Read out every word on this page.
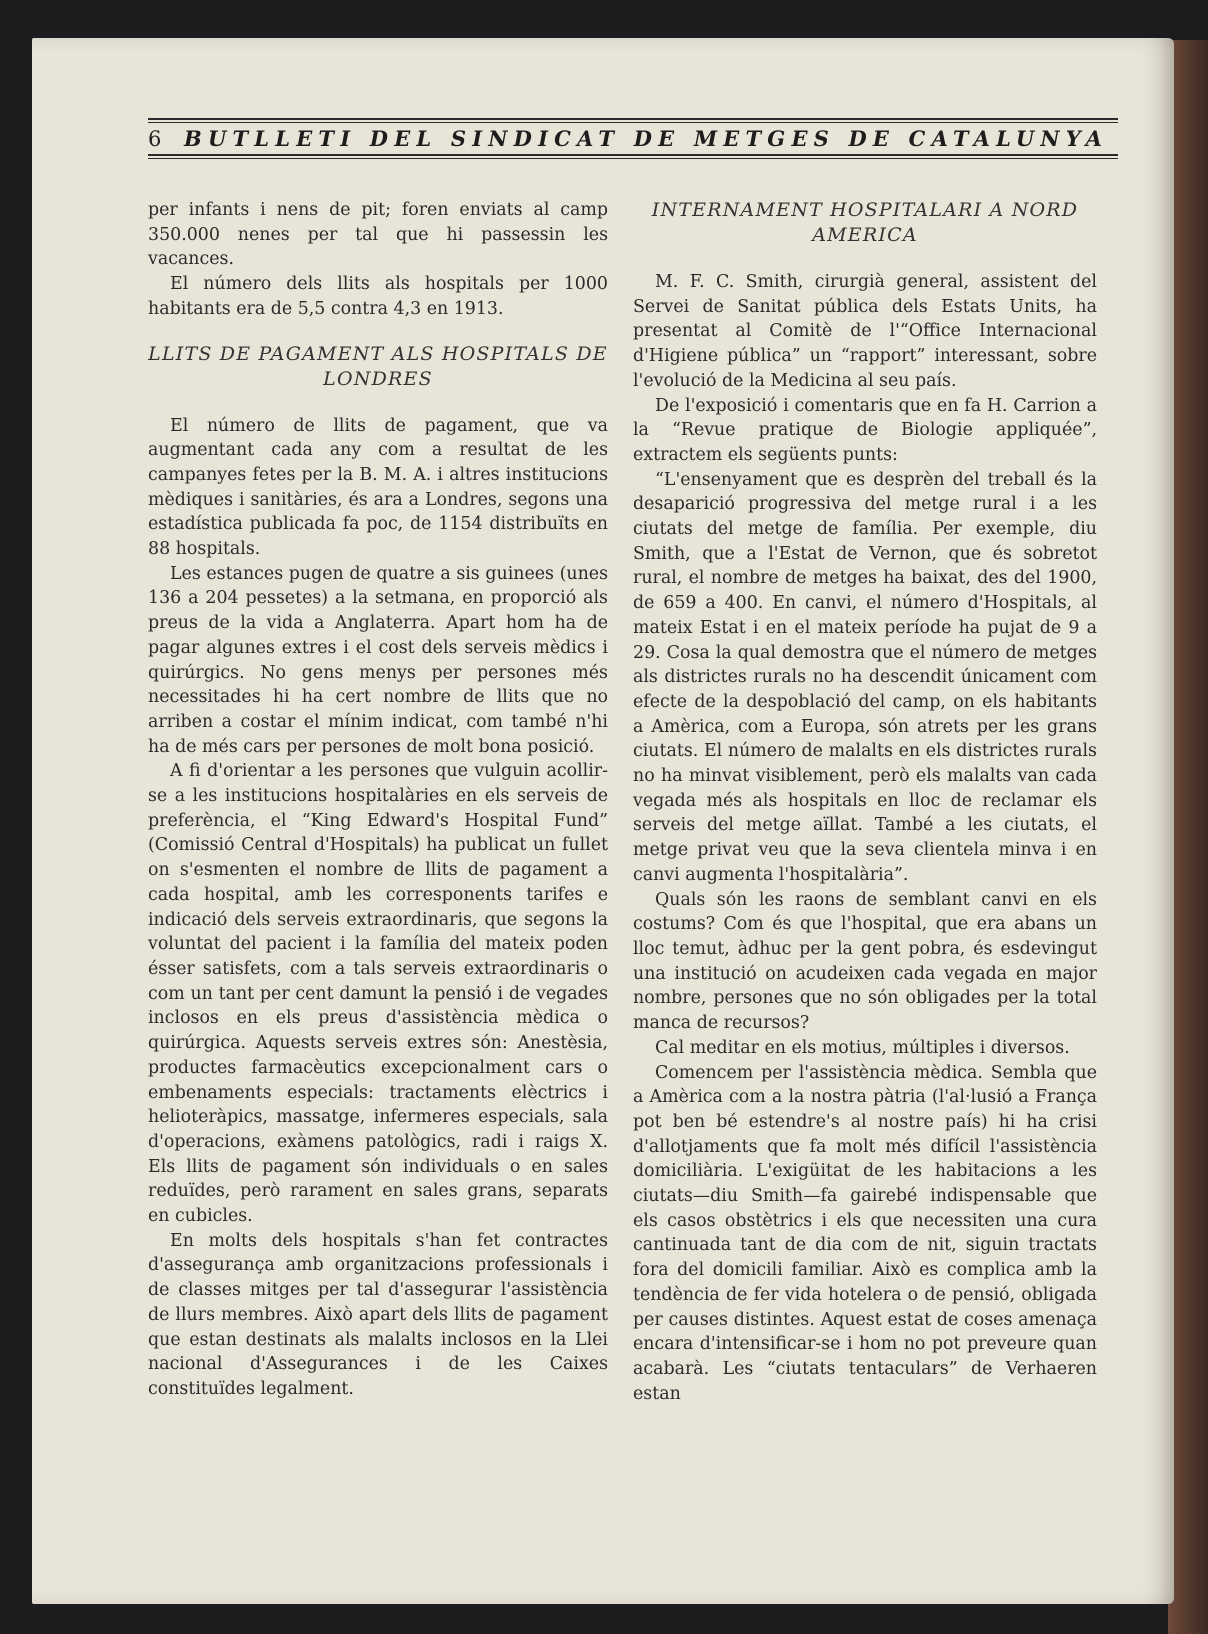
6	BUTLLETI DEL SINDICAT DE METGES DE CATALUNYA

per infants i nens de pit; foren enviats al camp 350.000 nenes per tal que hi passessin les vacances.

El número dels llits als hospitals per 1000 habitants era de 5,5 contra 4,3 en 1913.

LLITS DE PAGAMENT ALS HOSPITALS DE LONDRES

El número de llits de pagament, que va augmentant cada any com a resultat de les campanyes fetes per la B. M. A. i altres institucions mèdiques i sanitàries, és ara a Londres, segons una estadística publicada fa poc, de 1154 distribuïts en 88 hospitals.

Les estances pugen de quatre a sis guinees (unes 136 a 204 pessetes) a la setmana, en proporció als preus de la vida a Anglaterra. Apart hom ha de pagar algunes extres i el cost dels serveis mèdics i quirúrgics. No gens menys per persones més necessitades hi ha cert nombre de llits que no arriben a costar el mínim indicat, com també n'hi ha de més cars per persones de molt bona posició.

A fi d'orientar a les persones que vulguin acollir-se a les institucions hospitalàries en els serveis de preferència, el “King Edward's Hospital Fund” (Comissió Central d'Hospitals) ha publicat un fullet on s'esmenten el nombre de llits de pagament a cada hospital, amb les corresponents tarifes e indicació dels serveis extraordinaris, que segons la voluntat del pacient i la família del mateix poden ésser satisfets, com a tals serveis extraordinaris o com un tant per cent damunt la pensió i de vegades inclosos en els preus d'assistència mèdica o quirúrgica. Aquests serveis extres són: Anestèsia, productes farmacèutics excepcionalment cars o embenaments especials: tractaments elèctrics i helioteràpics, massatge, infermeres especials, sala d'operacions, exàmens patològics, radi i raigs X. Els llits de pagament són individuals o en sales reduïdes, però rarament en sales grans, separats en cubicles.

En molts dels hospitals s'han fet contractes d'assegurança amb organitzacions professionals i de classes mitges per tal d'assegurar l'assistència de llurs membres. Això apart dels llits de pagament que estan destinats als malalts inclosos en la Llei nacional d'Assegurances i de les Caixes constituïdes legalment.

INTERNAMENT HOSPITALARI A NORD AMERICA

M. F. C. Smith, cirurgià general, assistent del Servei de Sanitat pública dels Estats Units, ha presentat al Comitè de l'“Office Internacional d'Higiene pública” un “rapport” interessant, sobre l'evolució de la Medicina al seu país.

De l'exposició i comentaris que en fa H. Carrion a la “Revue pratique de Biologie appliquée”, extractem els següents punts:

“L'ensenyament que es desprèn del treball és la desaparició progressiva del metge rural i a les ciutats del metge de família. Per exemple, diu Smith, que a l'Estat de Vernon, que és sobretot rural, el nombre de metges ha baixat, des del 1900, de 659 a 400. En canvi, el número d'Hospitals, al mateix Estat i en el mateix període ha pujat de 9 a 29. Cosa la qual demostra que el número de metges als districtes rurals no ha descendit únicament com efecte de la despoblació del camp, on els habitants a Amèrica, com a Europa, són atrets per les grans ciutats. El número de malalts en els districtes rurals no ha minvat visiblement, però els malalts van cada vegada més als hospitals en lloc de reclamar els serveis del metge aïllat. També a les ciutats, el metge privat veu que la seva clientela minva i en canvi augmenta l'hospitalària”.

Quals són les raons de semblant canvi en els costums? Com és que l'hospital, que era abans un lloc temut, àdhuc per la gent pobra, és esdevingut una institució on acudeixen cada vegada en major nombre, persones que no són obligades per la total manca de recursos?

Cal meditar en els motius, múltiples i diversos.

Comencem per l'assistència mèdica. Sembla que a Amèrica com a la nostra pàtria (l'al·lusió a França pot ben bé estendre's al nostre país) hi ha crisi d'allotjaments que fa molt més difícil l'assistència domiciliària. L'exigüitat de les habitacions a les ciutats—diu Smith—fa gairebé indispensable que els casos obstètrics i els que necessiten una cura cantinuada tant de dia com de nit, siguin tractats fora del domicili familiar. Això es complica amb la tendència de fer vida hotelera o de pensió, obligada per causes distintes. Aquest estat de coses amenaça encara d'intensificar-se i hom no pot preveure quan acabarà. Les “ciutats tentaculars” de Verhaeren estan
